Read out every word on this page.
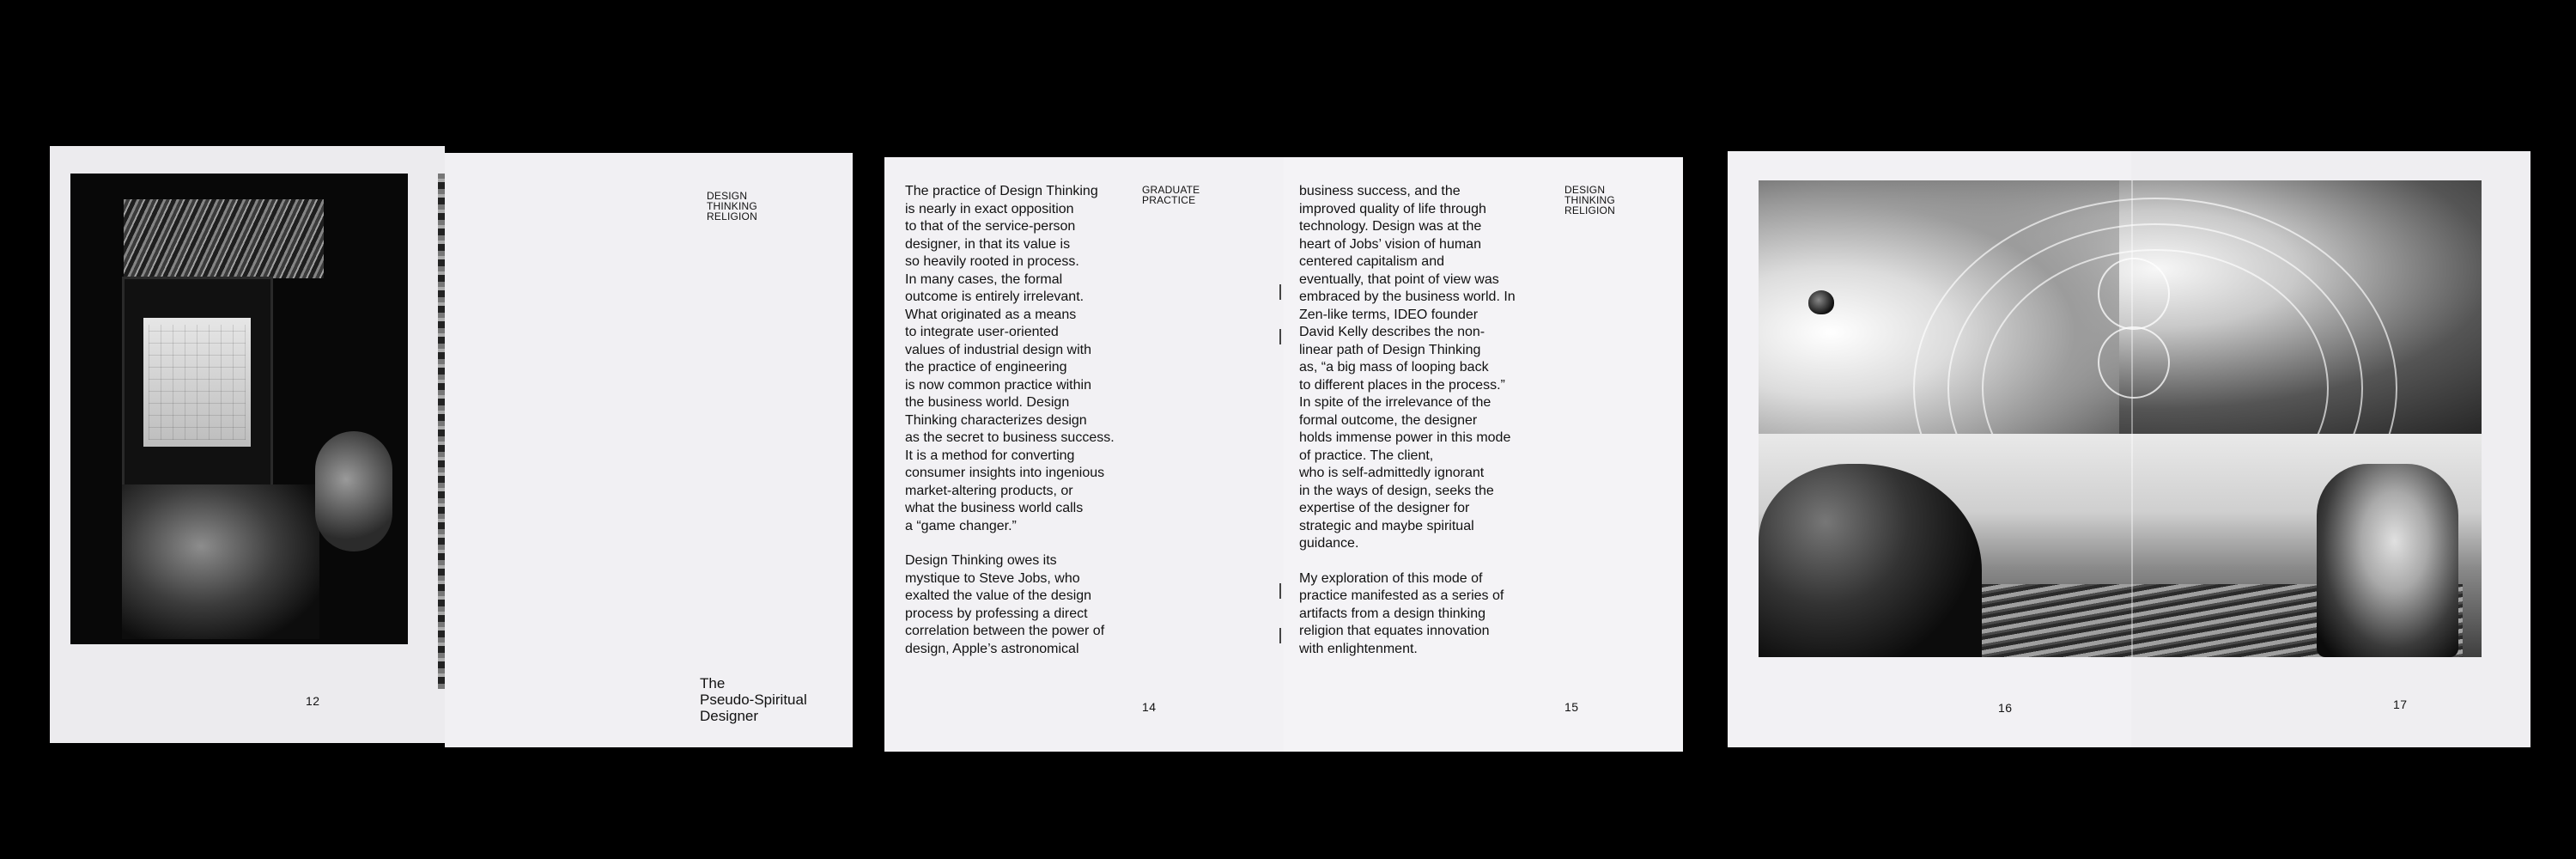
12
DESIGN
THINKING
RELIGION
The
Pseudo-Spiritual
Designer

The practice of Design Thinking
is nearly in exact opposition
to that of the service-person
designer, in that its value is
so heavily rooted in process.
In many cases, the formal
outcome is entirely irrelevant.
What originated as a means
to integrate user-oriented
values of industrial design with
the practice of engineering
is now common practice within
the business world. Design
Thinking characterizes design
as the secret to business success.
It is a method for converting
consumer insights into ingenious
market-altering products, or
what the business world calls
a “game changer.”

Design Thinking owes its
mystique to Steve Jobs, who
exalted the value of the design
process by professing a direct
correlation between the power of
design, Apple’s astronomical

GRADUATE
PRACTICE
14

business success, and the
improved quality of life through
technology. Design was at the
heart of Jobs’ vision of human
centered capitalism and
eventually, that point of view was
embraced by the business world. In
Zen-like terms, IDEO founder
David Kelly describes the non-
linear path of Design Thinking
as, “a big mass of looping back
to different places in the process.”
In spite of the irrelevance of the
formal outcome, the designer
holds immense power in this mode
of practice. The client,
who is self-admittedly ignorant
in the ways of design, seeks the
expertise of the designer for
strategic and maybe spiritual
guidance.

My exploration of this mode of
practice manifested as a series of
artifacts from a design thinking
religion that equates innovation
with enlightenment.

DESIGN
THINKING
RELIGION
15	16	17
